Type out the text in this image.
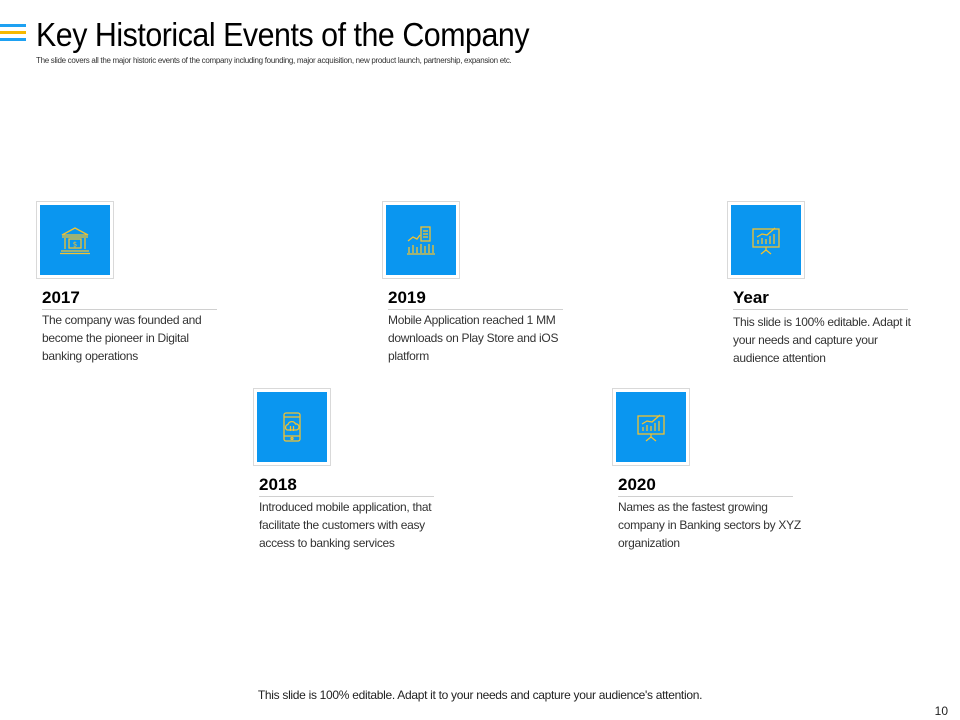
Key Historical Events of the Company
The slide covers all the major historic events of the company including founding, major acquisition, new product launch, partnership, expansion etc.
$
2017
The company was founded and become the pioneer in Digital banking operations
2018
Introduced mobile application, that facilitate the customers with easy access to banking services
2019
Mobile Application reached 1 MM downloads on Play Store and iOS platform
2020
Names as the fastest growing company in Banking sectors by XYZ organization
Year
This slide is 100% editable. Adapt it your needs and capture your audience attention
This slide is 100% editable. Adapt it to your needs and capture your audience's attention.
10
